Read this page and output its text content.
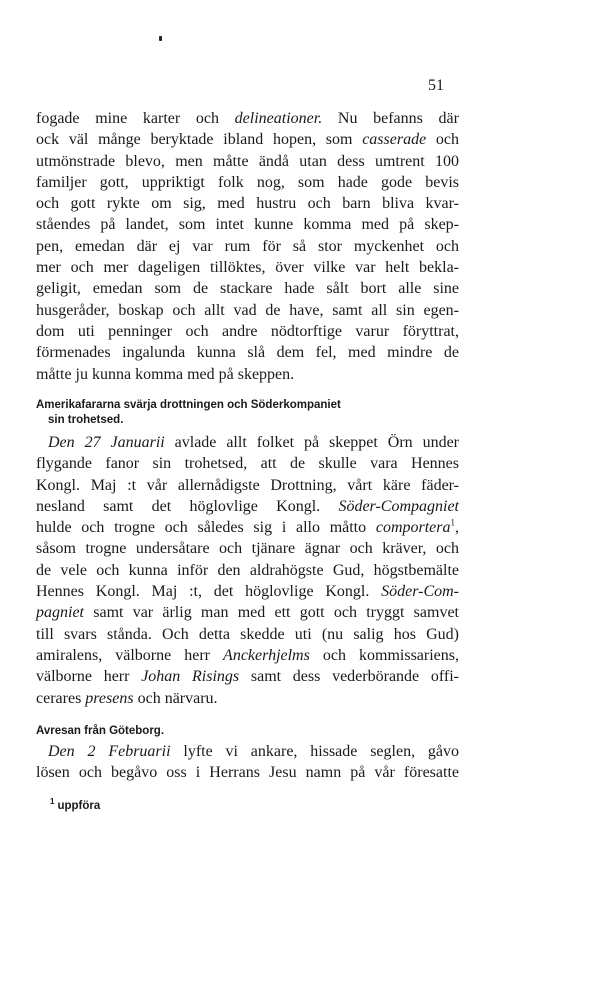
51
fogade mine karter och delineationer. Nu befanns där
ock väl månge beryktade ibland hopen, som casserade och
utmönstrade blevo, men måtte ändå utan dess umtrent 100
familjer gott, uppriktigt folk nog, som hade gode bevis
och gott rykte om sig, med hustru och barn bliva kvar-
ståendes på landet, som intet kunne komma med på skep-
pen, emedan där ej var rum för så stor myckenhet och
mer och mer dageligen tillöktes, över vilke var helt bekla-
geligit, emedan som de stackare hade sålt bort alle sine
husgeråder, boskap och allt vad de have, samt all sin egen-
dom uti penninger och andre nödtorftige varur föryttrat,
förmenades ingalunda kunna slå dem fel, med mindre de
måtte ju kunna komma med på skeppen.
Amerikafararna svärja drottningen och Söderkompaniet
sin trohetsed.
Den 27 Januarii avlade allt folket på skeppet Örn under
flygande fanor sin trohetsed, att de skulle vara Hennes
Kongl. Maj :t vår allernådigste Drottning, vårt käre fäder-
nesland samt det höglovlige Kongl. Söder-Compagniet
hulde och trogne och således sig i allo måtto comportera$^1$,
såsom trogne undersåtare och tjänare ägnar och kräver, och
de vele och kunna inför den aldrahögste Gud, högstbemälte
Hennes Kongl. Maj :t, det höglovlige Kongl. Söder-Com-
pagniet samt var ärlig man med ett gott och tryggt samvet
till svars stånda. Och detta skedde uti (nu salig hos Gud)
amiralens, välborne herr Anckerhjelms och kommissariens,
välborne herr Johan Risings samt dess vederbörande offi-
cerares presens och närvaru.
Avresan från Göteborg.
Den 2 Februarii lyfte vi ankare, hissade seglen, gåvo
lösen och begåvo oss i Herrans Jesu namn på vår föresatte
$^1$ uppföra
